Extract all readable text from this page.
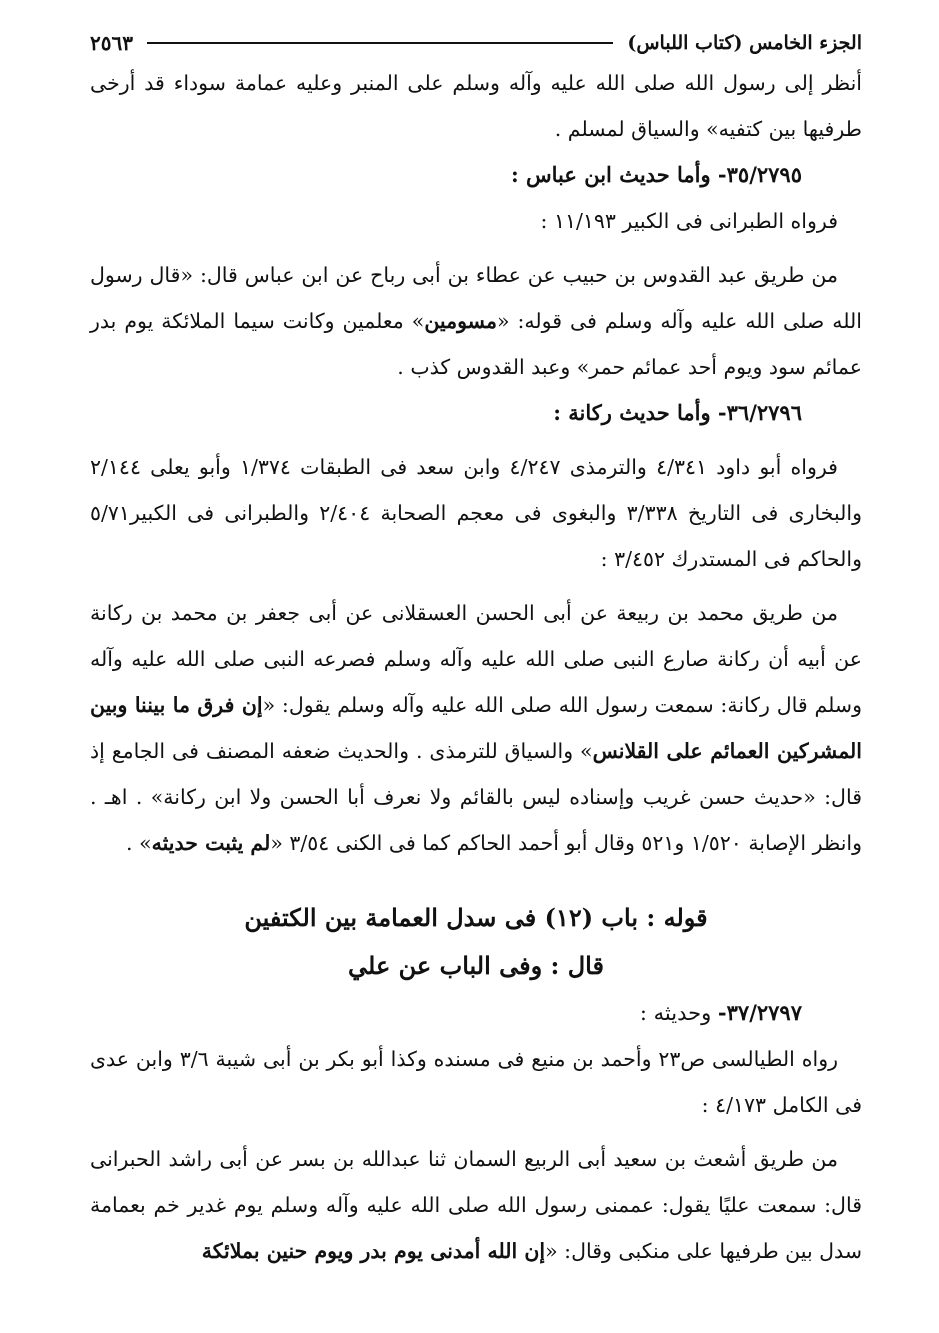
الجزء الخامس (كتاب اللباس)
٢٥٦٣

أنظر إلى رسول الله صلى الله عليه وآله وسلم على المنبر وعليه عمامة سوداء قد أرخى طرفيها بين كتفيه» والسياق لمسلم .

٣٥/٢٧٩٥- وأما حديث ابن عباس :

فرواه الطبرانى فى الكبير ١١/١٩٣ :

من طريق عبد القدوس بن حبيب عن عطاء بن أبى رباح عن ابن عباس قال: «قال رسول الله صلى الله عليه وآله وسلم فى قوله: «مسومين» معلمين وكانت سيما الملائكة يوم بدر عمائم سود ويوم أحد عمائم حمر» وعبد القدوس كذب .

٣٦/٢٧٩٦- وأما حديث ركانة :

فرواه أبو داود ٤/٣٤١ والترمذى ٤/٢٤٧ وابن سعد فى الطبقات ١/٣٧٤ وأبو يعلى ٢/١٤٤ والبخارى فى التاريخ ٣/٣٣٨ والبغوى فى معجم الصحابة ٢/٤٠٤ والطبرانى فى الكبير٥/٧١ والحاكم فى المستدرك ٣/٤٥٢ :

من طريق محمد بن ربيعة عن أبى الحسن العسقلانى عن أبى جعفر بن محمد بن ركانة عن أبيه أن ركانة صارع النبى صلى الله عليه وآله وسلم فصرعه النبى صلى الله عليه وآله وسلم قال ركانة: سمعت رسول الله صلى الله عليه وآله وسلم يقول: «إن فرق ما بيننا وبين المشركين العمائم على القلانس» والسياق للترمذى . والحديث ضعفه المصنف فى الجامع إذ قال: «حديث حسن غريب وإسناده ليس بالقائم ولا نعرف أبا الحسن ولا ابن ركانة» . اهـ . وانظر الإصابة ١/٥٢٠ و٥٢١ وقال أبو أحمد الحاكم كما فى الكنى ٣/٥٤ «لم يثبت حديثه» .

قوله : باب (١٢) فى سدل العمامة بين الكتفين

قال : وفى الباب عن علي

٣٧/٢٧٩٧- وحديثه :

رواه الطيالسى ص٢٣ وأحمد بن منيع فى مسنده وكذا أبو بكر بن أبى شيبة ٣/٦ وابن عدى فى الكامل ٤/١٧٣ :

من طريق أشعث بن سعيد أبى الربيع السمان ثنا عبدالله بن بسر عن أبى راشد الحبرانى قال: سمعت عليًا يقول: عممنى رسول الله صلى الله عليه وآله وسلم يوم غدير خم بعمامة سدل بين طرفيها على منكبى وقال: «إن الله أمدنى يوم بدر ويوم حنين بملائكة
